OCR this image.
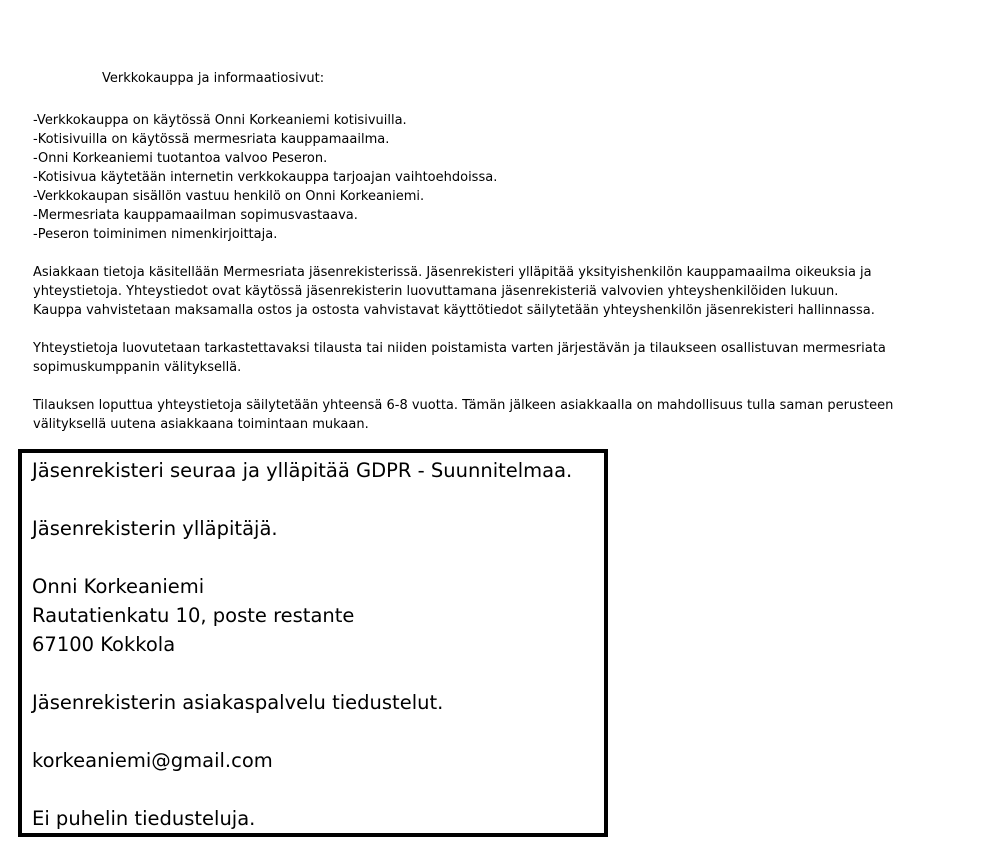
Verkkokauppa ja informaatiosivut:
-Verkkokauppa on käytössä Onni Korkeaniemi kotisivuilla.
-Kotisivuilla on käytössä mermesriata kauppamaailma.
-Onni Korkeaniemi tuotantoa valvoo Peseron.
-Kotisivua käytetään internetin verkkokauppa tarjoajan vaihtoehdoissa.
-Verkkokaupan sisällön vastuu henkilö on Onni Korkeaniemi.
-Mermesriata kauppamaailman sopimusvastaava.
-Peseron toiminimen nimenkirjoittaja.
Asiakkaan tietoja käsitellään Mermesriata jäsenrekisterissä. Jäsenrekisteri ylläpitää yksityishenkilön kauppamaailma oikeuksia ja
yhteystietoja. Yhteystiedot ovat käytössä jäsenrekisterin luovuttamana jäsenrekisteriä valvovien yhteyshenkilöiden lukuun.
Kauppa vahvistetaan maksamalla ostos ja ostosta vahvistavat käyttötiedot säilytetään yhteyshenkilön jäsenrekisteri hallinnassa.
Yhteystietoja luovutetaan tarkastettavaksi tilausta tai niiden poistamista varten järjestävän ja tilaukseen osallistuvan mermesriata
sopimuskumppanin välityksellä.
Tilauksen loputtua yhteystietoja säilytetään yhteensä 6-8 vuotta. Tämän jälkeen asiakkaalla on mahdollisuus tulla saman perusteen
välityksellä uutena asiakkaana toimintaan mukaan.
Jäsenrekisteri seuraa ja ylläpitää GDPR - Suunnitelmaa.
Jäsenrekisterin ylläpitäjä.
Onni Korkeaniemi
Rautatienkatu 10, poste restante
67100 Kokkola
Jäsenrekisterin asiakaspalvelu tiedustelut.
korkeaniemi@gmail.com
Ei puhelin tiedusteluja.
